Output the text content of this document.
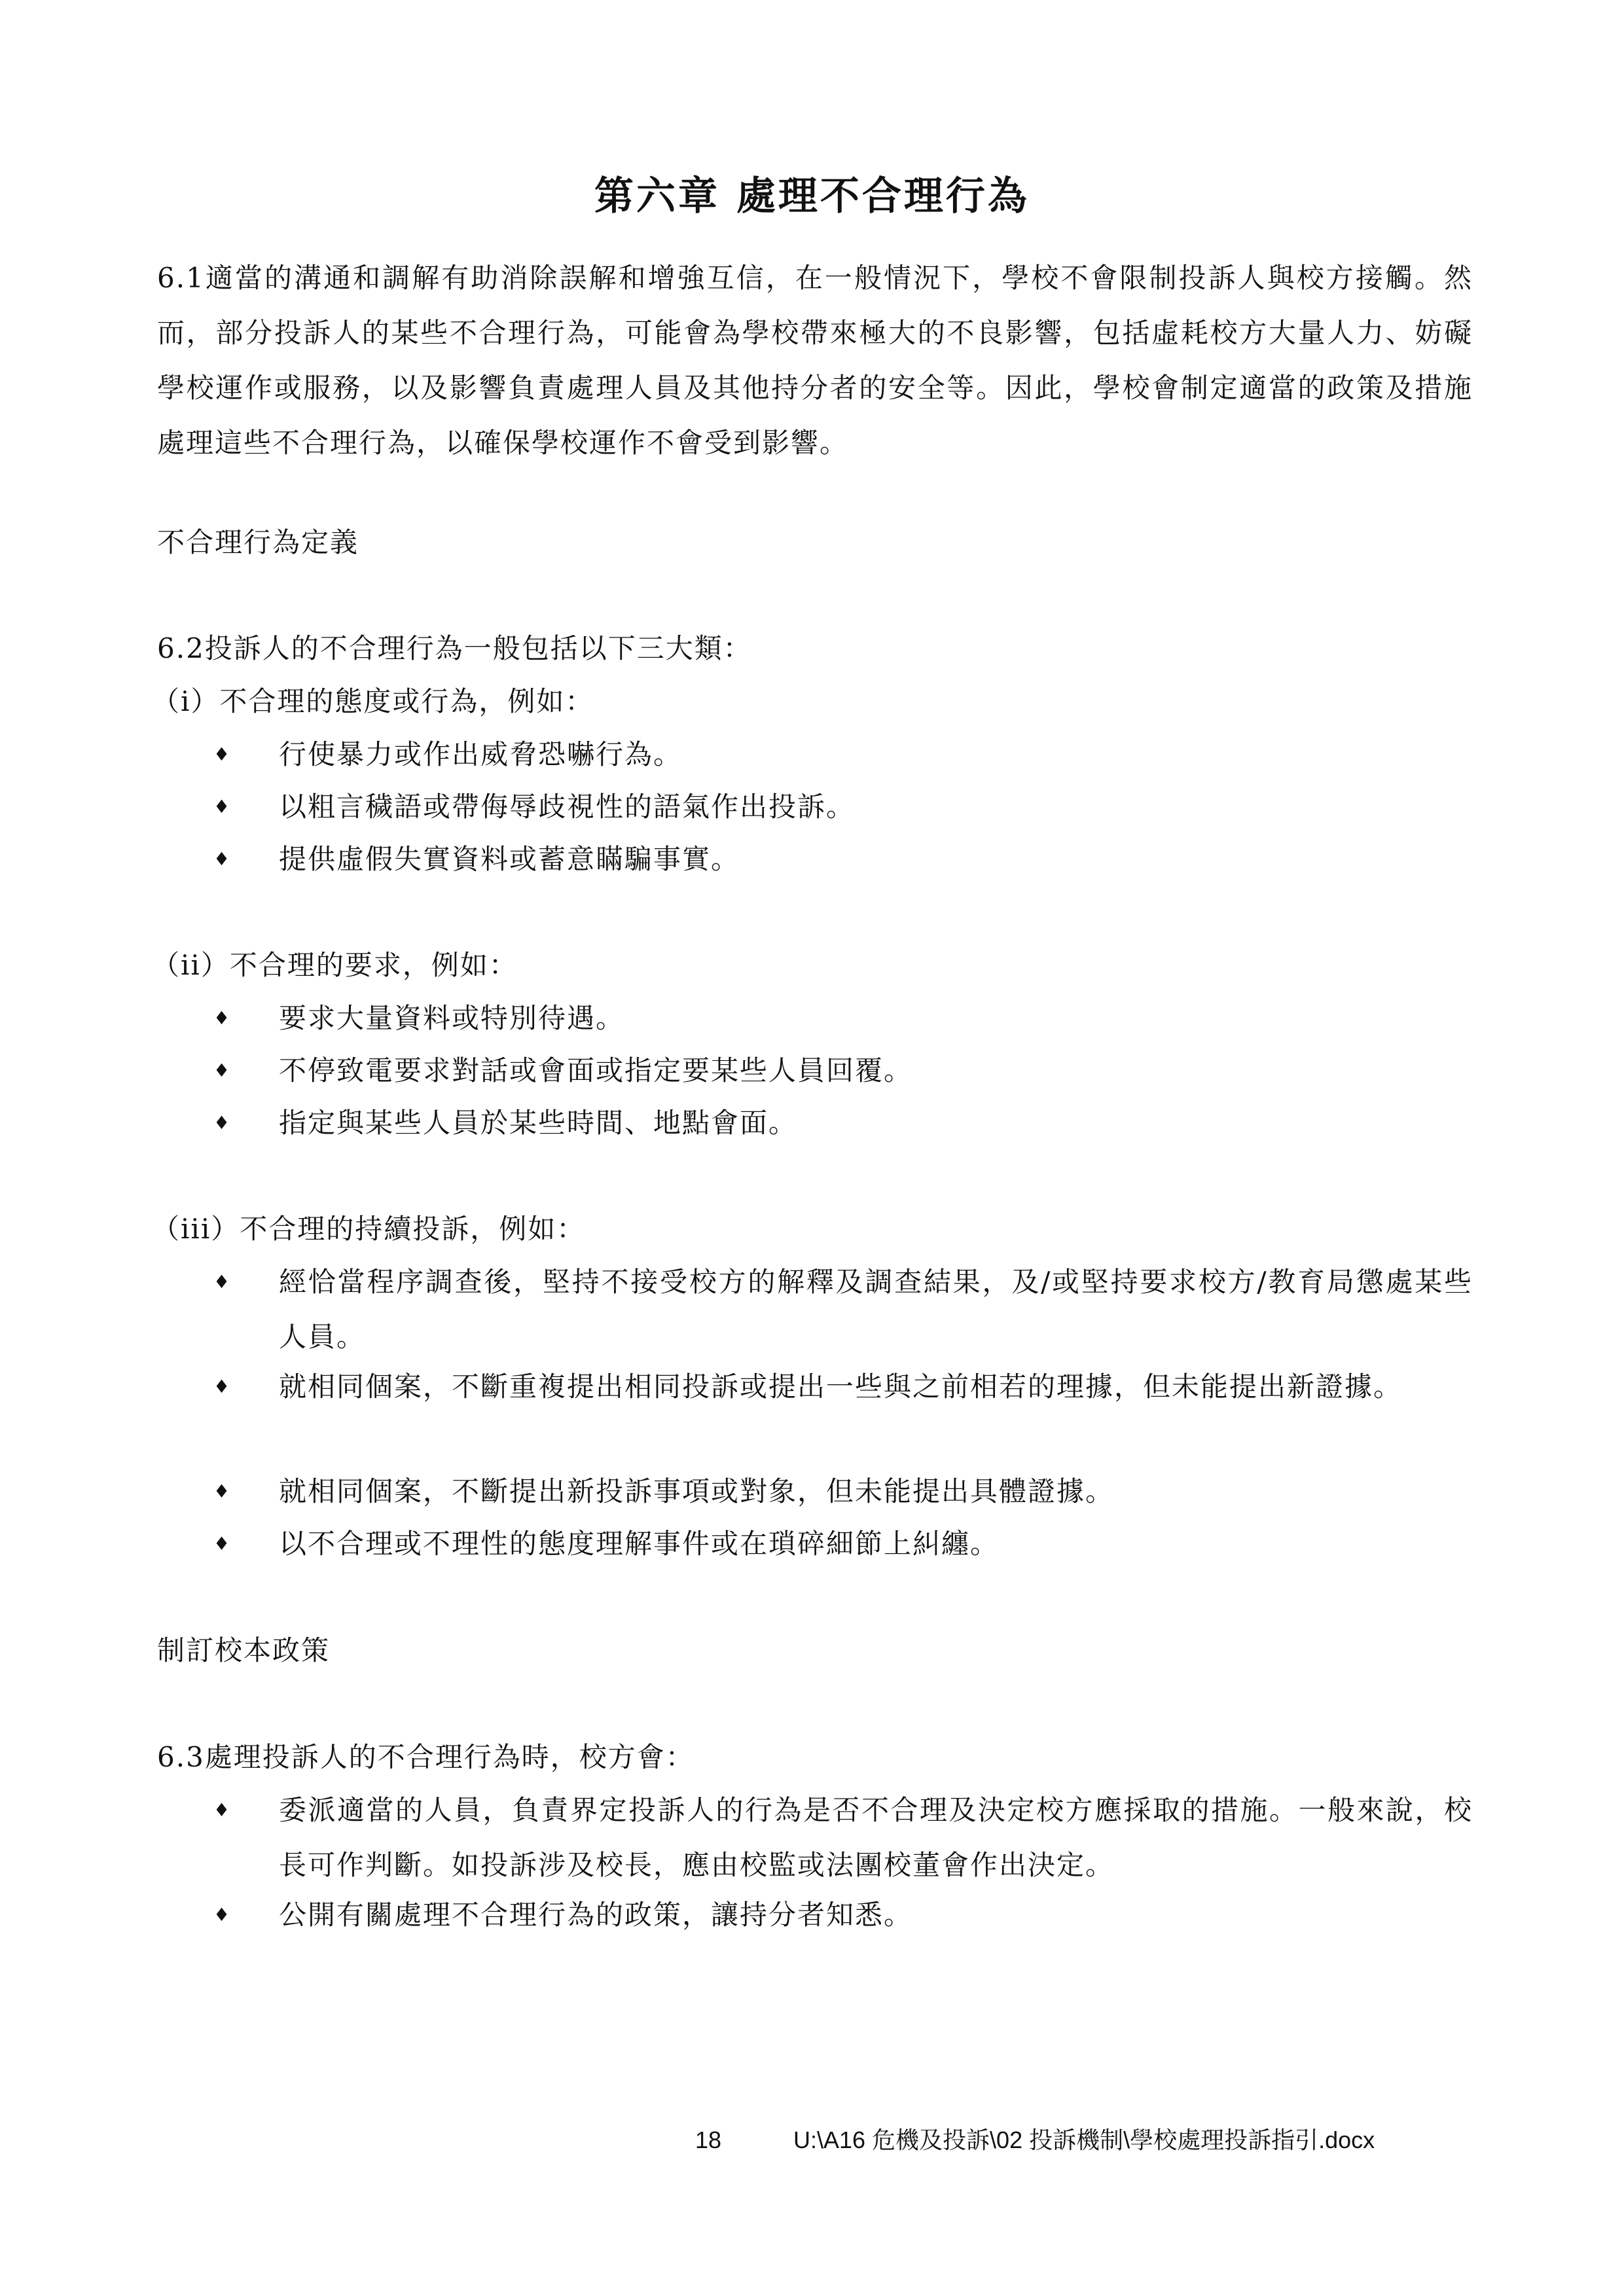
第六章 處理不合理行為
6.1適當的溝通和調解有助消除誤解和增強互信，在一般情況下，學校不會限制投訴人與校方接觸。然而，部分投訴人的某些不合理行為，可能會為學校帶來極大的不良影響，包括虛耗校方大量人力、妨礙學校運作或服務，以及影響負責處理人員及其他持分者的安全等。因此，學校會制定適當的政策及措施處理這些不合理行為，以確保學校運作不會受到影響。
不合理行為定義
6.2投訴人的不合理行為一般包括以下三大類：
（i）不合理的態度或行為，例如：
♦ 行使暴力或作出威脅恐嚇行為。
♦ 以粗言穢語或帶侮辱歧視性的語氣作出投訴。
♦ 提供虛假失實資料或蓄意瞞騙事實。
（ii）不合理的要求，例如：
♦ 要求大量資料或特別待遇。
♦ 不停致電要求對話或會面或指定要某些人員回覆。
♦ 指定與某些人員於某些時間、地點會面。
（iii）不合理的持續投訴，例如：
♦ 經恰當程序調查後，堅持不接受校方的解釋及調查結果，及/或堅持要求校方/教育局懲處某些人員。
♦ 就相同個案，不斷重複提出相同投訴或提出一些與之前相若的理據，但未能提出新證據。
♦ 就相同個案，不斷提出新投訴事項或對象，但未能提出具體證據。
♦ 以不合理或不理性的態度理解事件或在瑣碎細節上糾纏。
制訂校本政策
6.3處理投訴人的不合理行為時，校方會：
♦ 委派適當的人員，負責界定投訴人的行為是否不合理及決定校方應採取的措施。一般來說，校長可作判斷。如投訴涉及校長，應由校監或法團校董會作出決定。
♦ 公開有關處理不合理行為的政策，讓持分者知悉。
18	U:\A16 危機及投訴\02 投訴機制\學校處理投訴指引.docx
